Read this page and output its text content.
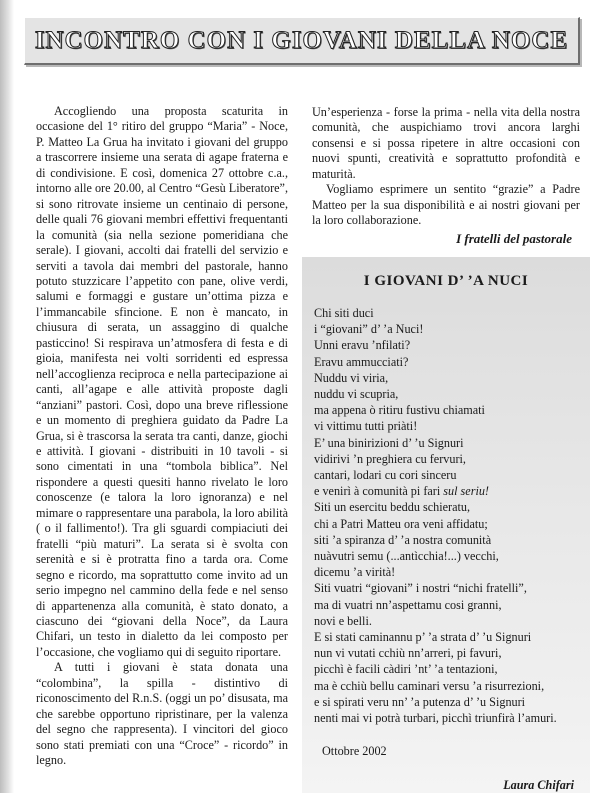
INCONTRO CON I GIOVANI DELLA NOCE

Accogliendo una proposta scaturita in occasione del 1° ritiro del gruppo “Maria” - Noce, P. Matteo La Grua ha invitato i giovani del gruppo a trascorrere insieme una serata di agape fraterna e di condivisione. E così, domenica 27 ottobre c.a., intorno alle ore 20.00, al Centro “Gesù Liberatore”, si sono ritrovate insieme un centinaio di persone, delle quali 76 giovani membri effettivi frequentanti la comunità (sia nella sezione pomeridiana che serale). I giovani, accolti dai fratelli del servizio e serviti a tavola dai membri del pastorale, hanno potuto stuzzicare l’appetito con pane, olive verdi, salumi e formaggi e gustare un’ottima pizza e l’immancabile sfincione. E non è mancato, in chiusura di serata, un assaggino di qualche pasticcino! Si respirava un’atmosfera di festa e di gioia, manifesta nei volti sorridenti ed espressa nell’accoglienza reciproca e nella partecipazione ai canti, all’agape e alle attività proposte dagli “anziani” pastori. Così, dopo una breve riflessione e un momento di preghiera guidato da Padre La Grua, si è trascorsa la serata tra canti, danze, giochi e attività. I giovani - distribuiti in 10 tavoli - si sono cimentati in una “tombola biblica”. Nel rispondere a questi quesiti hanno rivelato le loro conoscenze (e talora la loro ignoranza) e nel mimare o rappresentare una parabola, la loro abilità ( o il fallimento!). Tra gli sguardi compiaciuti dei fratelli “più maturi”. La serata si è svolta con serenità e si è protratta fino a tarda ora. Come segno e ricordo, ma soprattutto come invito ad un serio impegno nel cammino della fede e nel senso di appartenenza alla comunità, è stato donato, a ciascuno dei “giovani della Noce”, da Laura Chifari, un testo in dialetto da lei composto per l’occasione, che vogliamo qui di seguito riportare.

A tutti i giovani è stata donata una “colombina”, la spilla - distintivo di riconoscimento del R.n.S. (oggi un po’ disusata, ma che sarebbe opportuno ripristinare, per la valenza del segno che rappresenta). I vincitori del gioco sono stati premiati con una “Croce” - ricordo” in legno.

Un’esperienza - forse la prima - nella vita della nostra comunità, che auspichiamo trovi ancora larghi consensi e si possa ripetere in altre occasioni con nuovi spunti, creatività e soprattutto profondità e maturità.

Vogliamo esprimere un sentito “grazie” a Padre Matteo per la sua disponibilità e ai nostri giovani per la loro collaborazione.

I fratelli del pastorale
I GIOVANI D’ ’A NUCI
Chi siti duci
i “giovani” d’ ’a Nuci!
Unni eravu ’nfilati?
Eravu ammucciati?
Nuddu vi viria,
nuddu vi scupria,
ma appena ò ritiru fustivu chiamati
vi vittimu tutti priàti!
E’ una binirizioni d’ ’u Signuri
vidirivi ’n preghiera cu fervuri,
cantari, lodari cu cori sinceru
e venirì à comunità pi fari sul seriu!
Siti un esercitu beddu schieratu,
chi a Patri Matteu ora veni affidatu;
siti ’a spiranza d’ ’a nostra comunità
nuàvutri semu (...antìcchia!...) vecchi,
dicemu ’a virità!
Siti vuatri “giovani” i nostri “nichi fratelli”,
ma di vuatri nn’aspettamu cosi granni,
novi e belli.
E si stati caminannu p’ ’a strata d’ ’u Signuri
nun vi vutati cchiù nn’arreri, pi favuri,
picchì è facili càdiri ’nt’ ’a tentazioni,
ma è cchiù bellu caminari versu ’a risurrezioni,
e si spirati veru nn’ ’a putenza d’ ’u Signuri
nenti mai vi potrà turbari, picchì triunfirà l’amuri.
Ottobre 2002
Laura Chifari
